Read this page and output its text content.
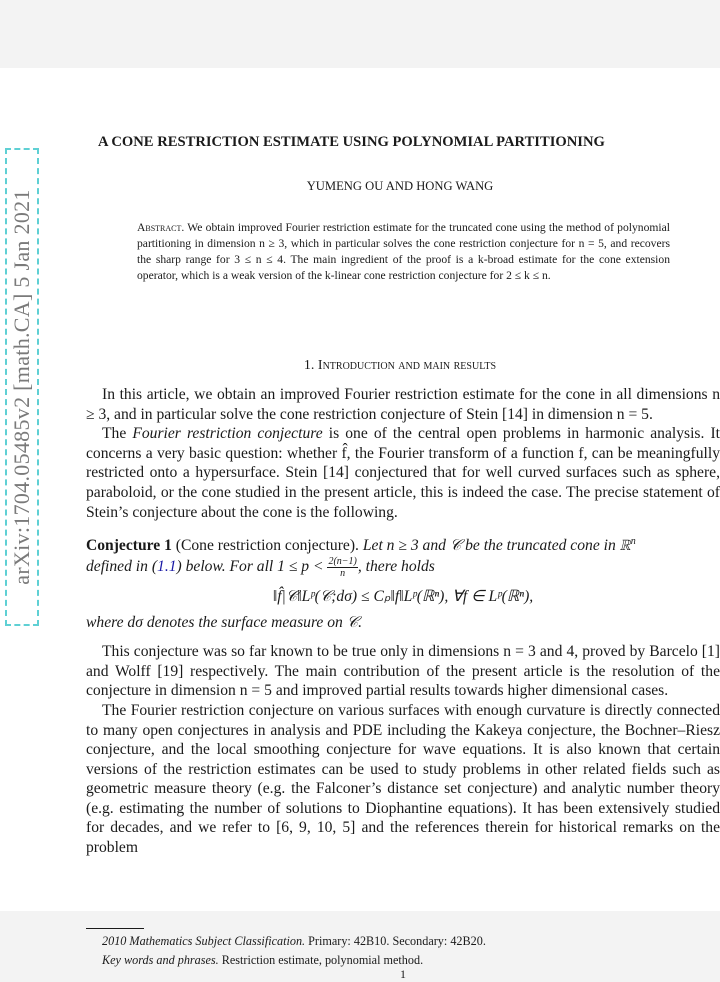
A CONE RESTRICTION ESTIMATE USING POLYNOMIAL PARTITIONING
YUMENG OU AND HONG WANG
Abstract. We obtain improved Fourier restriction estimate for the truncated cone using the method of polynomial partitioning in dimension n ≥ 3, which in particular solves the cone restriction conjecture for n = 5, and recovers the sharp range for 3 ≤ n ≤ 4. The main ingredient of the proof is a k-broad estimate for the cone extension operator, which is a weak version of the k-linear cone restriction conjecture for 2 ≤ k ≤ n.
1. Introduction and main results

In this article, we obtain an improved Fourier restriction estimate for the cone in all dimensions n ≥ 3, and in particular solve the cone restriction conjecture of Stein [14] in dimension n = 5.

The Fourier restriction conjecture is one of the central open problems in harmonic analysis. It concerns a very basic question: whether f̂, the Fourier transform of a function f, can be meaningfully restricted onto a hypersurface. Stein [14] conjectured that for well curved surfaces such as sphere, paraboloid, or the cone studied in the present article, this is indeed the case. The precise statement of Stein’s conjecture about the cone is the following.

Conjecture 1 (Cone restriction conjecture). Let n ≥ 3 and 𝒞 be the truncated cone in ℝ$^n$
defined in (1.1) below. For all $1 \le p < \frac{2(n-1)}{n}$ , there holds

‖f̂|𝒞‖Lᵖ(𝒞;dσ) ≤ Cₚ‖f‖Lᵖ(ℝⁿ), ∀f ∈ Lᵖ(ℝⁿ),

where dσ denotes the surface measure on 𝒞.

This conjecture was so far known to be true only in dimensions n = 3 and 4, proved by Barcelo [1] and Wolff [19] respectively. The main contribution of the present article is the resolution of the conjecture in dimension n = 5 and improved partial results towards higher dimensional cases.

The Fourier restriction conjecture on various surfaces with enough curvature is directly connected to many open conjectures in analysis and PDE including the Kakeya conjecture, the Bochner–Riesz conjecture, and the local smoothing conjecture for wave equations. It is also known that certain versions of the restriction estimates can be used to study problems in other related fields such as geometric measure theory (e.g. the Falconer’s distance set conjecture) and analytic number theory (e.g. estimating the number of solutions to Diophantine equations). It has been extensively studied for decades, and we refer to [6, 9, 10, 5] and the references therein for historical remarks on the problem

2010 Mathematics Subject Classification. Primary: 42B10. Secondary: 42B20.
Key words and phrases. Restriction estimate, polynomial method.
1
arXiv:1704.05485v2 [math.CA] 5 Jan 2021
